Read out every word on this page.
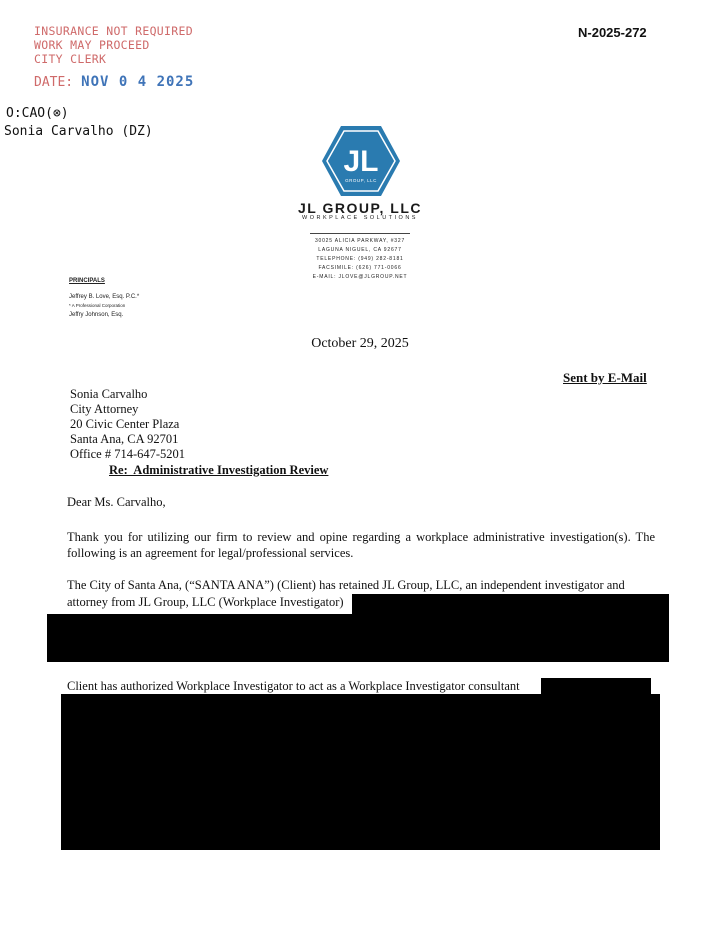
INSURANCE NOT REQUIRED
WORK MAY PROCEED
CITY CLERK
DATE: NOV 0 4 2025
N-2025-272
O:CAO(⊗)
Sonia Carvalho (DZ)
JL
GROUP, LLC
JL GROUP, LLC
WORKPLACE SOLUTIONS
30025 ALICIA PARKWAY, #327
LAGUNA NIGUEL, CA 92677
TELEPHONE: (949) 282-8181
FACSIMILE: (626) 771-0066
E-MAIL: JLOVE@JLGROUP.NET
PRINCIPALS
Jeffrey B. Love, Esq. P.C.*
* A Professional Corporation
Jeffry Johnson, Esq.
October 29, 2025
Sent by E-Mail
Sonia Carvalho
City Attorney
20 Civic Center Plaza
Santa Ana, CA 92701
Office # 714-647-5201
Re:  Administrative Investigation Review
Dear Ms. Carvalho,
Thank you for utilizing our firm to review and opine regarding a workplace administrative investigation(s). The following is an agreement for legal/professional services.
The City of Santa Ana, (“SANTA ANA”) (Client) has retained JL Group, LLC, an independent investigator and
attorney from JL Group, LLC (Workplace Investigator)
Client has authorized Workplace Investigator to act as a Workplace Investigator consultant
